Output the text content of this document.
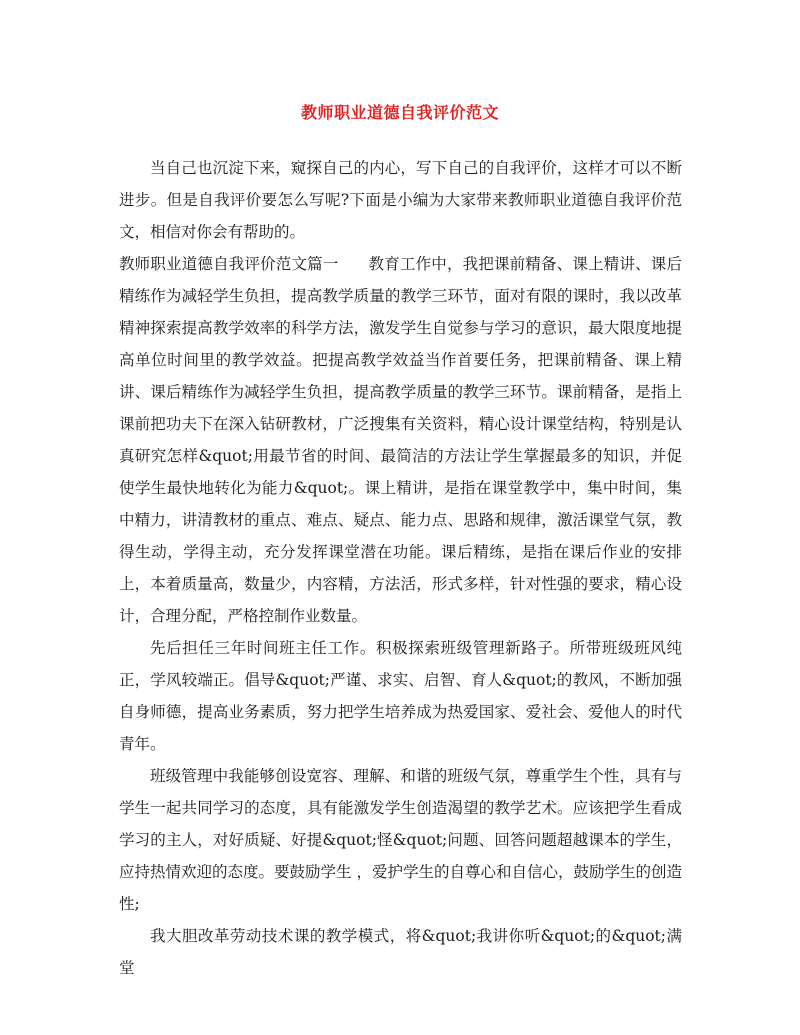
教师职业道德自我评价范文

当自己也沉淀下来，窥探自己的内心，写下自己的自我评价，这样才可以不断进步。但是自我评价要怎么写呢?下面是小编为大家带来教师职业道德自我评价范文，相信对你会有帮助的。

教师职业道德自我评价范文篇一 教育工作中，我把课前精备、课上精讲、课后精练作为减轻学生负担，提高教学质量的教学三环节，面对有限的课时，我以改革精神探索提高教学效率的科学方法，激发学生自觉参与学习的意识，最大限度地提高单位时间里的教学效益。把提高教学效益当作首要任务，把课前精备、课上精讲、课后精练作为减轻学生负担，提高教学质量的教学三环节。课前精备，是指上课前把功夫下在深入钻研教材，广泛搜集有关资料，精心设计课堂结构，特别是认真研究怎样&quot;用最节省的时间、最简洁的方法让学生掌握最多的知识，并促使学生最快地转化为能力&quot;。课上精讲，是指在课堂教学中，集中时间，集中精力，讲清教材的重点、难点、疑点、能力点、思路和规律，激活课堂气氛，教得生动，学得主动，充分发挥课堂潜在功能。课后精练，是指在课后作业的安排上，本着质量高，数量少，内容精，方法活，形式多样，针对性强的要求，精心设计，合理分配，严格控制作业数量。

先后担任三年时间班主任工作。积极探索班级管理新路子。所带班级班风纯正，学风较端正。倡导&quot;严谨、求实、启智、育人&quot;的教风，不断加强自身师德，提高业务素质，努力把学生培养成为热爱国家、爱社会、爱他人的时代青年。

班级管理中我能够创设宽容、理解、和谐的班级气氛，尊重学生个性，具有与学生一起共同学习的态度，具有能激发学生创造渴望的教学艺术。应该把学生看成学习的主人，对好质疑、好提&quot;怪&quot;问题、回答问题超越课本的学生，应持热情欢迎的态度。要鼓励学生 ，爱护学生的自尊心和自信心，鼓励学生的创造性;

我大胆改革劳动技术课的教学模式，将&quot;我讲你听&quot;的&quot;满堂
